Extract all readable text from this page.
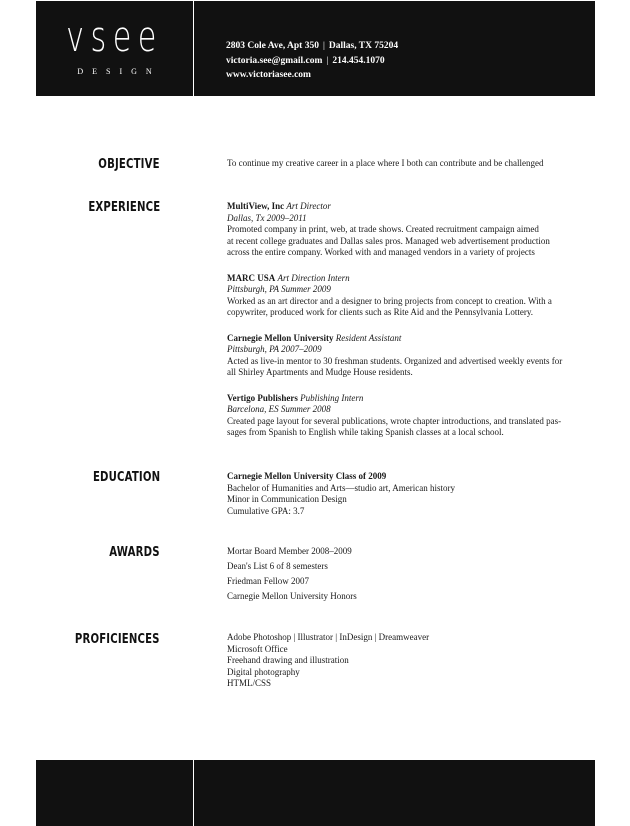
vsee
DESIGN
2803 Cole Ave, Apt 350 | Dallas, TX 75204
victoria.see@gmail.com | 214.454.1070
www.victoriasee.com
OBJECTIVE	To continue my creative career in a place where I both can contribute and be challenged
EXPERIENCE	MultiView, Inc Art Director
Dallas, Tx 2009–2011
Promoted company in print, web, at trade shows. Created recruitment campaign aimed
at recent college graduates and Dallas sales pros. Managed web advertisement production
across the entire company. Worked with and managed vendors in a variety of projects
MARC USA Art Direction Intern
Pittsburgh, PA Summer 2009
Worked as an art director and a designer to bring projects from concept to creation. With a
copywriter, produced work for clients such as Rite Aid and the Pennsylvania Lottery.
Carnegie Mellon University Resident Assistant
Pittsburgh, PA 2007–2009
Acted as live-in mentor to 30 freshman students. Organized and advertised weekly events for
all Shirley Apartments and Mudge House residents.
Vertigo Publishers Publishing Intern
Barcelona, ES Summer 2008
Created page layout for several publications, wrote chapter introductions, and translated pas-
sages from Spanish to English while taking Spanish classes at a local school.
EDUCATION	Carnegie Mellon University Class of 2009
Bachelor of Humanities and Arts—studio art, American history
Minor in Communication Design
Cumulative GPA: 3.7
AWARDS	Mortar Board Member 2008–2009
Dean's List 6 of 8 semesters
Friedman Fellow 2007
Carnegie Mellon University Honors
PROFICIENCES	Adobe Photoshop | Illustrator | InDesign | Dreamweaver
Microsoft Office
Freehand drawing and illustration
Digital photography
HTML/CSS
